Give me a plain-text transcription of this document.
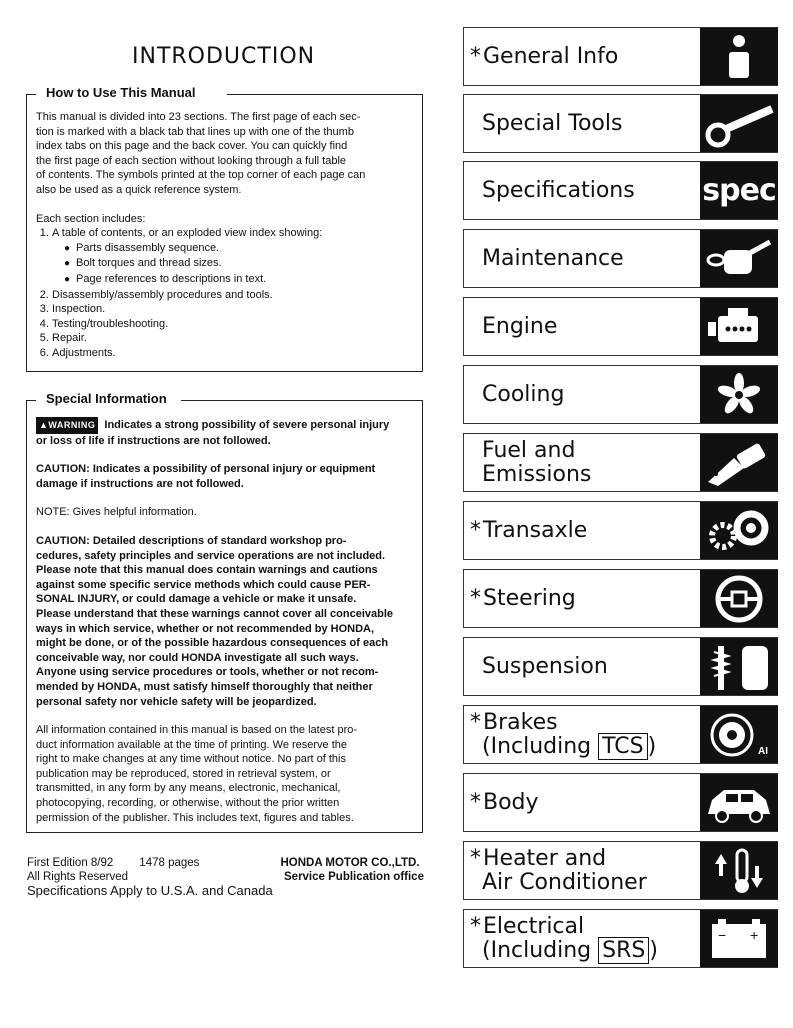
INTRODUCTION
How to Use This Manual
This manual is divided into 23 sections. The first page of each sec-
tion is marked with a black tab that lines up with one of the thumb
index tabs on this page and the back cover. You can quickly find
the first page of each section without looking through a full table
of contents. The symbols printed at the top corner of each page can
also be used as a quick reference system.
Each section includes:
1. A table of contents, or an exploded view index showing:
● Parts disassembly sequence.
● Bolt torques and thread sizes.
● Page references to descriptions in text.
2. Disassembly/assembly procedures and tools.
3. Inspection.
4. Testing/troubleshooting.
5. Repair.
6. Adjustments.
Special Information
▲WARNING Indicates a strong possibility of severe personal injury
or loss of life if instructions are not followed.
CAUTION: Indicates a possibility of personal injury or equipment
damage if instructions are not followed.
NOTE: Gives helpful information.
CAUTION: Detailed descriptions of standard workshop pro-
cedures, safety principles and service operations are not included.
Please note that this manual does contain warnings and cautions
against some specific service methods which could cause PER-
SONAL INJURY, or could damage a vehicle or make it unsafe.
Please understand that these warnings cannot cover all conceivable
ways in which service, whether or not recommended by HONDA,
might be done, or of the possible hazardous consequences of each
conceivable way, nor could HONDA investigate all such ways.
Anyone using service procedures or tools, whether or not recom-
mended by HONDA, must satisfy himself thoroughly that neither
personal safety nor vehicle safety will be jeopardized.
All information contained in this manual is based on the latest pro-
duct information available at the time of printing. We reserve the
right to make changes at any time without notice. No part of this
publication may be reproduced, stored in retrieval system, or
transmitted, in any form by any means, electronic, mechanical,
photocopying, recording, or otherwise, without the prior written
permission of the publisher. This includes text, figures and tables.
First Edition 8/92 1478 pages
All Rights Reserved
Specifications Apply to U.S.A. and Canada
HONDA MOTOR CO.,LTD.
Service Publication office
*General Info
Special Tools
Specifications spec
Maintenance
Engine
Cooling
Fuel and Emissions
*Transaxle
*Steering
Suspension
*Brakes
(Including TCS )	AI
*Body
*Heater and
Air Conditioner
*Electrical
(Including SRS )
− +
